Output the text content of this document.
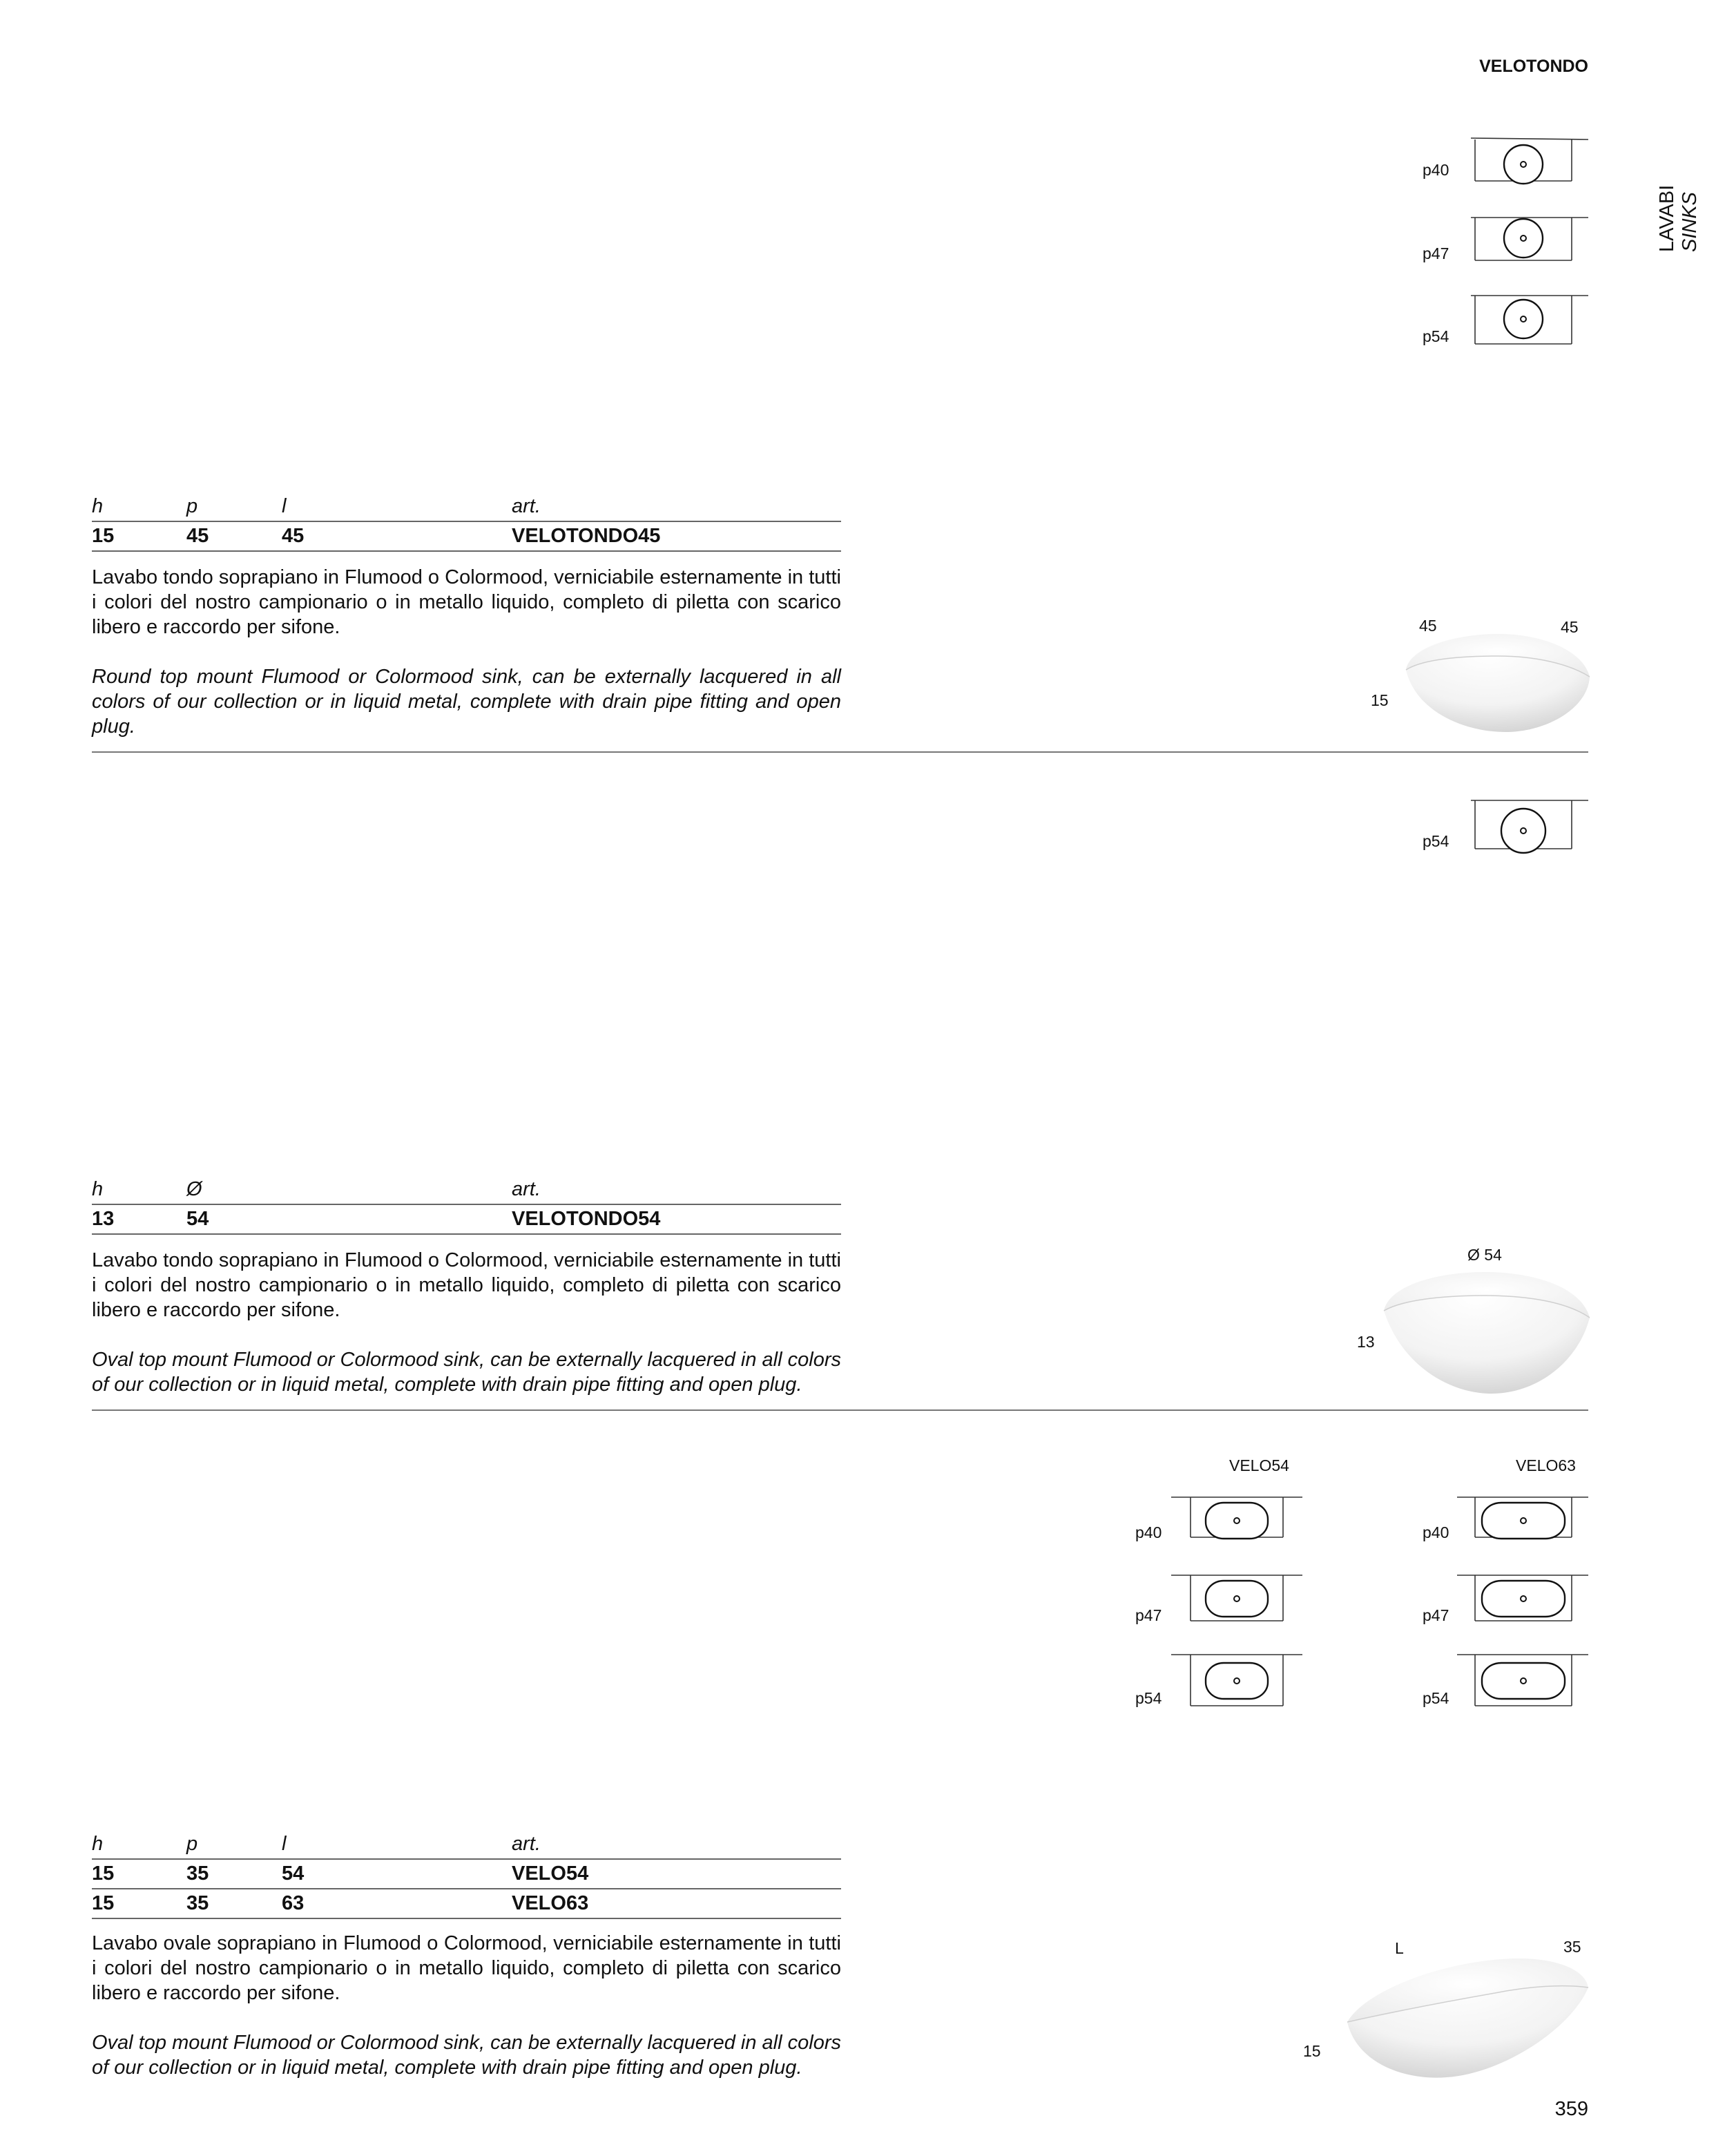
VELOTONDO
LAVABI SINKS
p40
p47
p54
h	p	l	art.
15	45	45	VELOTONDO45

Lavabo tondo soprapiano in Flumood o Colormood, verniciabile esternamente in tutti i colori del nostro campionario o in metallo liquido, completo di piletta con scarico libero e raccordo per sifone.

Round top mount Flumood or Colormood sink, can be externally lacquered in all colors of our collection or in liquid metal, complete with drain pipe fitting and open plug.

45	45
15
p54
h	Ø	art.
13	54	VELOTONDO54

Lavabo tondo soprapiano in Flumood o Colormood, verniciabile esternamente in tutti i colori del nostro campionario o in metallo liquido, completo di piletta con scarico libero e raccordo per sifone.

Oval top mount Flumood or Colormood sink, can be externally lacquered in all colors of our collection or in liquid metal, complete with drain pipe fitting and open plug.

Ø 54
13
VELO54	VELO63
p40
p47
p54
p40
p47
p54
h	p	l	art.
15	35	54	VELO54
15	35	63	VELO63

Lavabo ovale soprapiano in Flumood o Colormood, verniciabile esternamente in tutti i colori del nostro campionario o in metallo liquido, completo di piletta con scarico libero e raccordo per sifone.

Oval top mount Flumood or Colormood sink, can be externally lacquered in all colors of our collection or in liquid metal, complete with drain pipe fitting and open plug.

L	35
15
359
